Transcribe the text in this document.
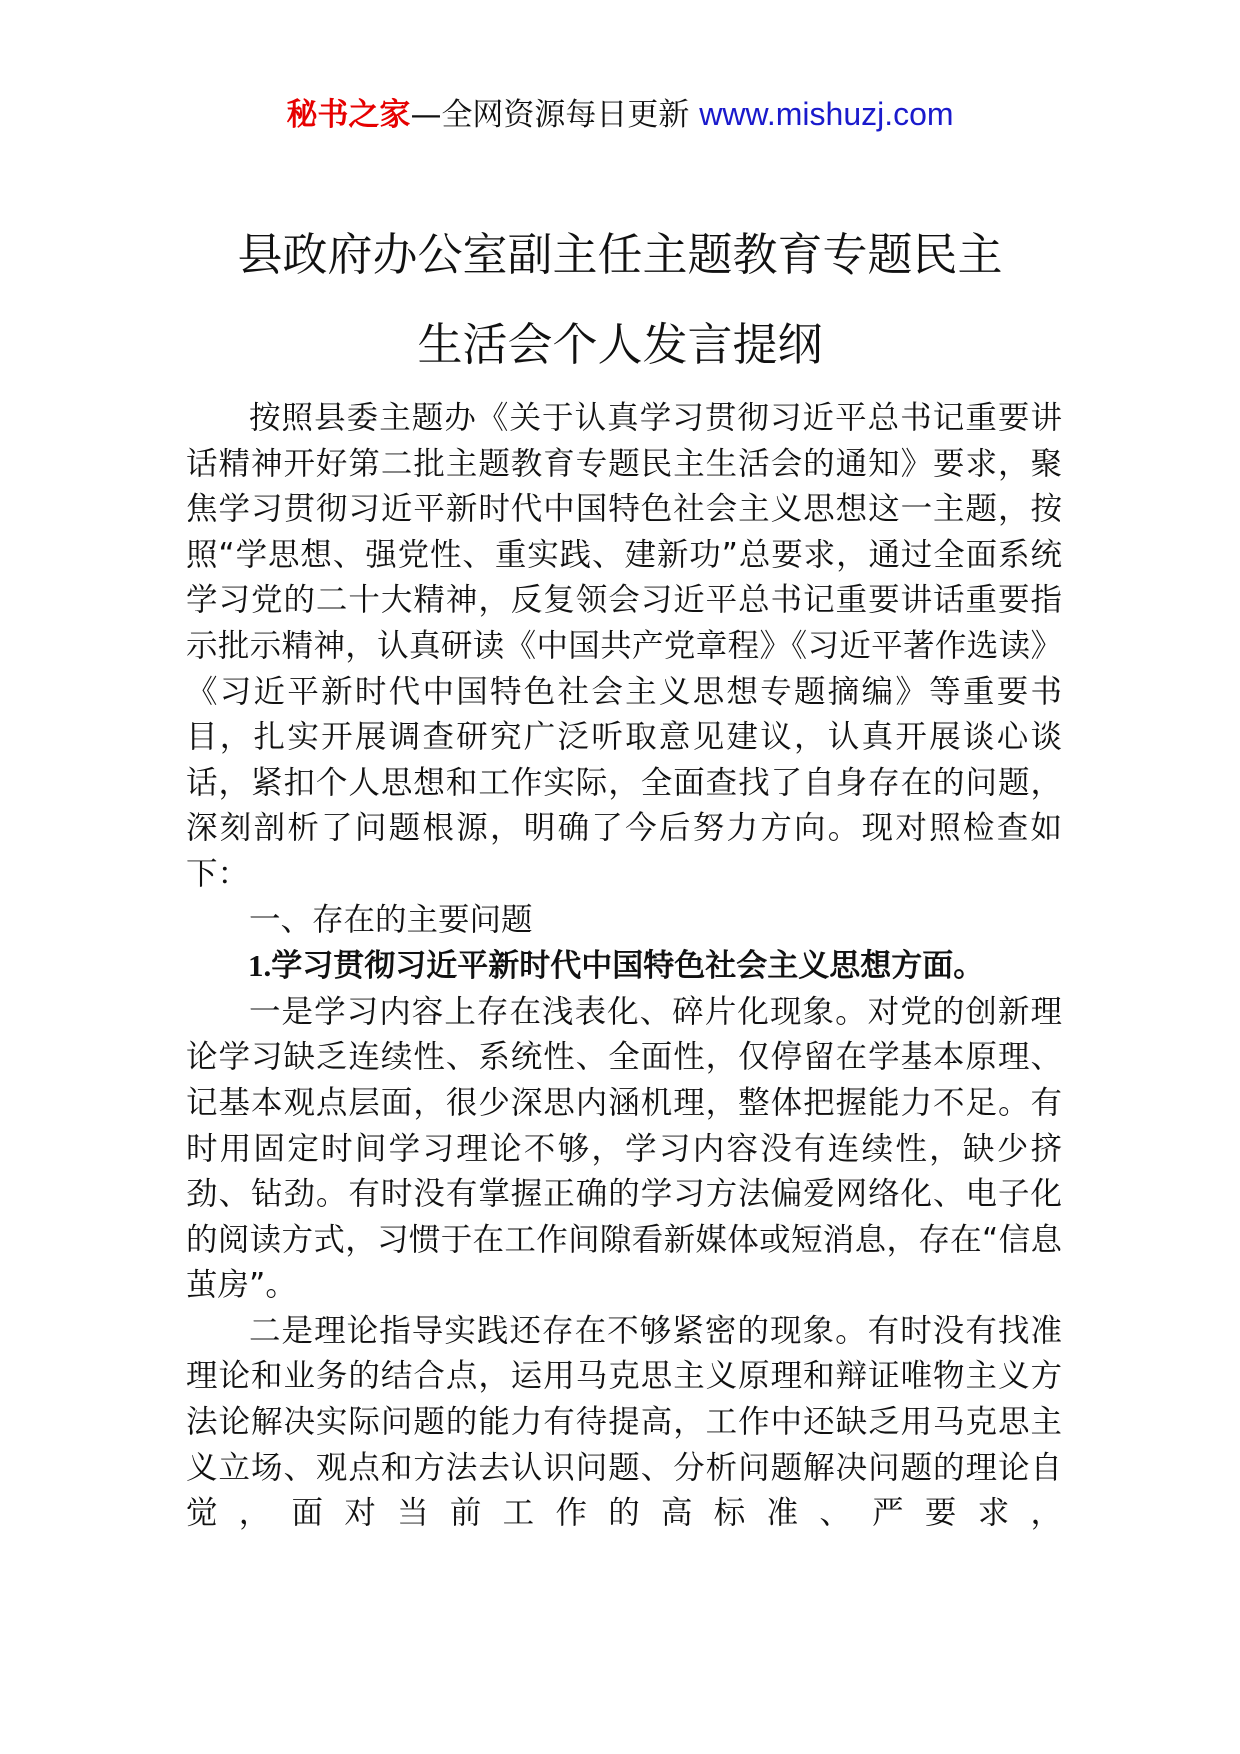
秘书之家—全网资源每日更新 www.mishuzj.com
县政府办公室副主任主题教育专题民主
生活会个人发言提纲

按照县委主题办《关于认真学习贯彻习近平总书记重要讲话精神开好第二批主题教育专题民主生活会的通知》要求，聚焦学习贯彻习近平新时代中国特色社会主义思想这一主题，按照“学思想、强党性、重实践、建新功”总要求，通过全面系统学习党的二十大精神，反复领会习近平总书记重要讲话重要指示批示精神，认真研读《中国共产党章程》《习近平著作选读》《习近平新时代中国特色社会主义思想专题摘编》等重要书目，扎实开展调查研究广泛听取意见建议，认真开展谈心谈话，紧扣个人思想和工作实际，全面查找了自身存在的问题，深刻剖析了问题根源，明确了今后努力方向。现对照检查如下：

一、存在的主要问题

1.学习贯彻习近平新时代中国特色社会主义思想方面。

一是学习内容上存在浅表化、碎片化现象。对党的创新理论学习缺乏连续性、系统性、全面性，仅停留在学基本原理、记基本观点层面，很少深思内涵机理，整体把握能力不足。有时用固定时间学习理论不够，学习内容没有连续性，缺少挤劲、钻劲。有时没有掌握正确的学习方法偏爱网络化、电子化的阅读方式，习惯于在工作间隙看新媒体或短消息，存在“信息茧房”。

二是理论指导实践还存在不够紧密的现象。有时没有找准理论和业务的结合点，运用马克思主义原理和辩证唯物主义方法论解决实际问题的能力有待提高，工作中还缺乏用马克思主义立场、观点和方法去认识问题、分析问题解决问题的理论自觉，面对当前工作的高标准、严要求，
